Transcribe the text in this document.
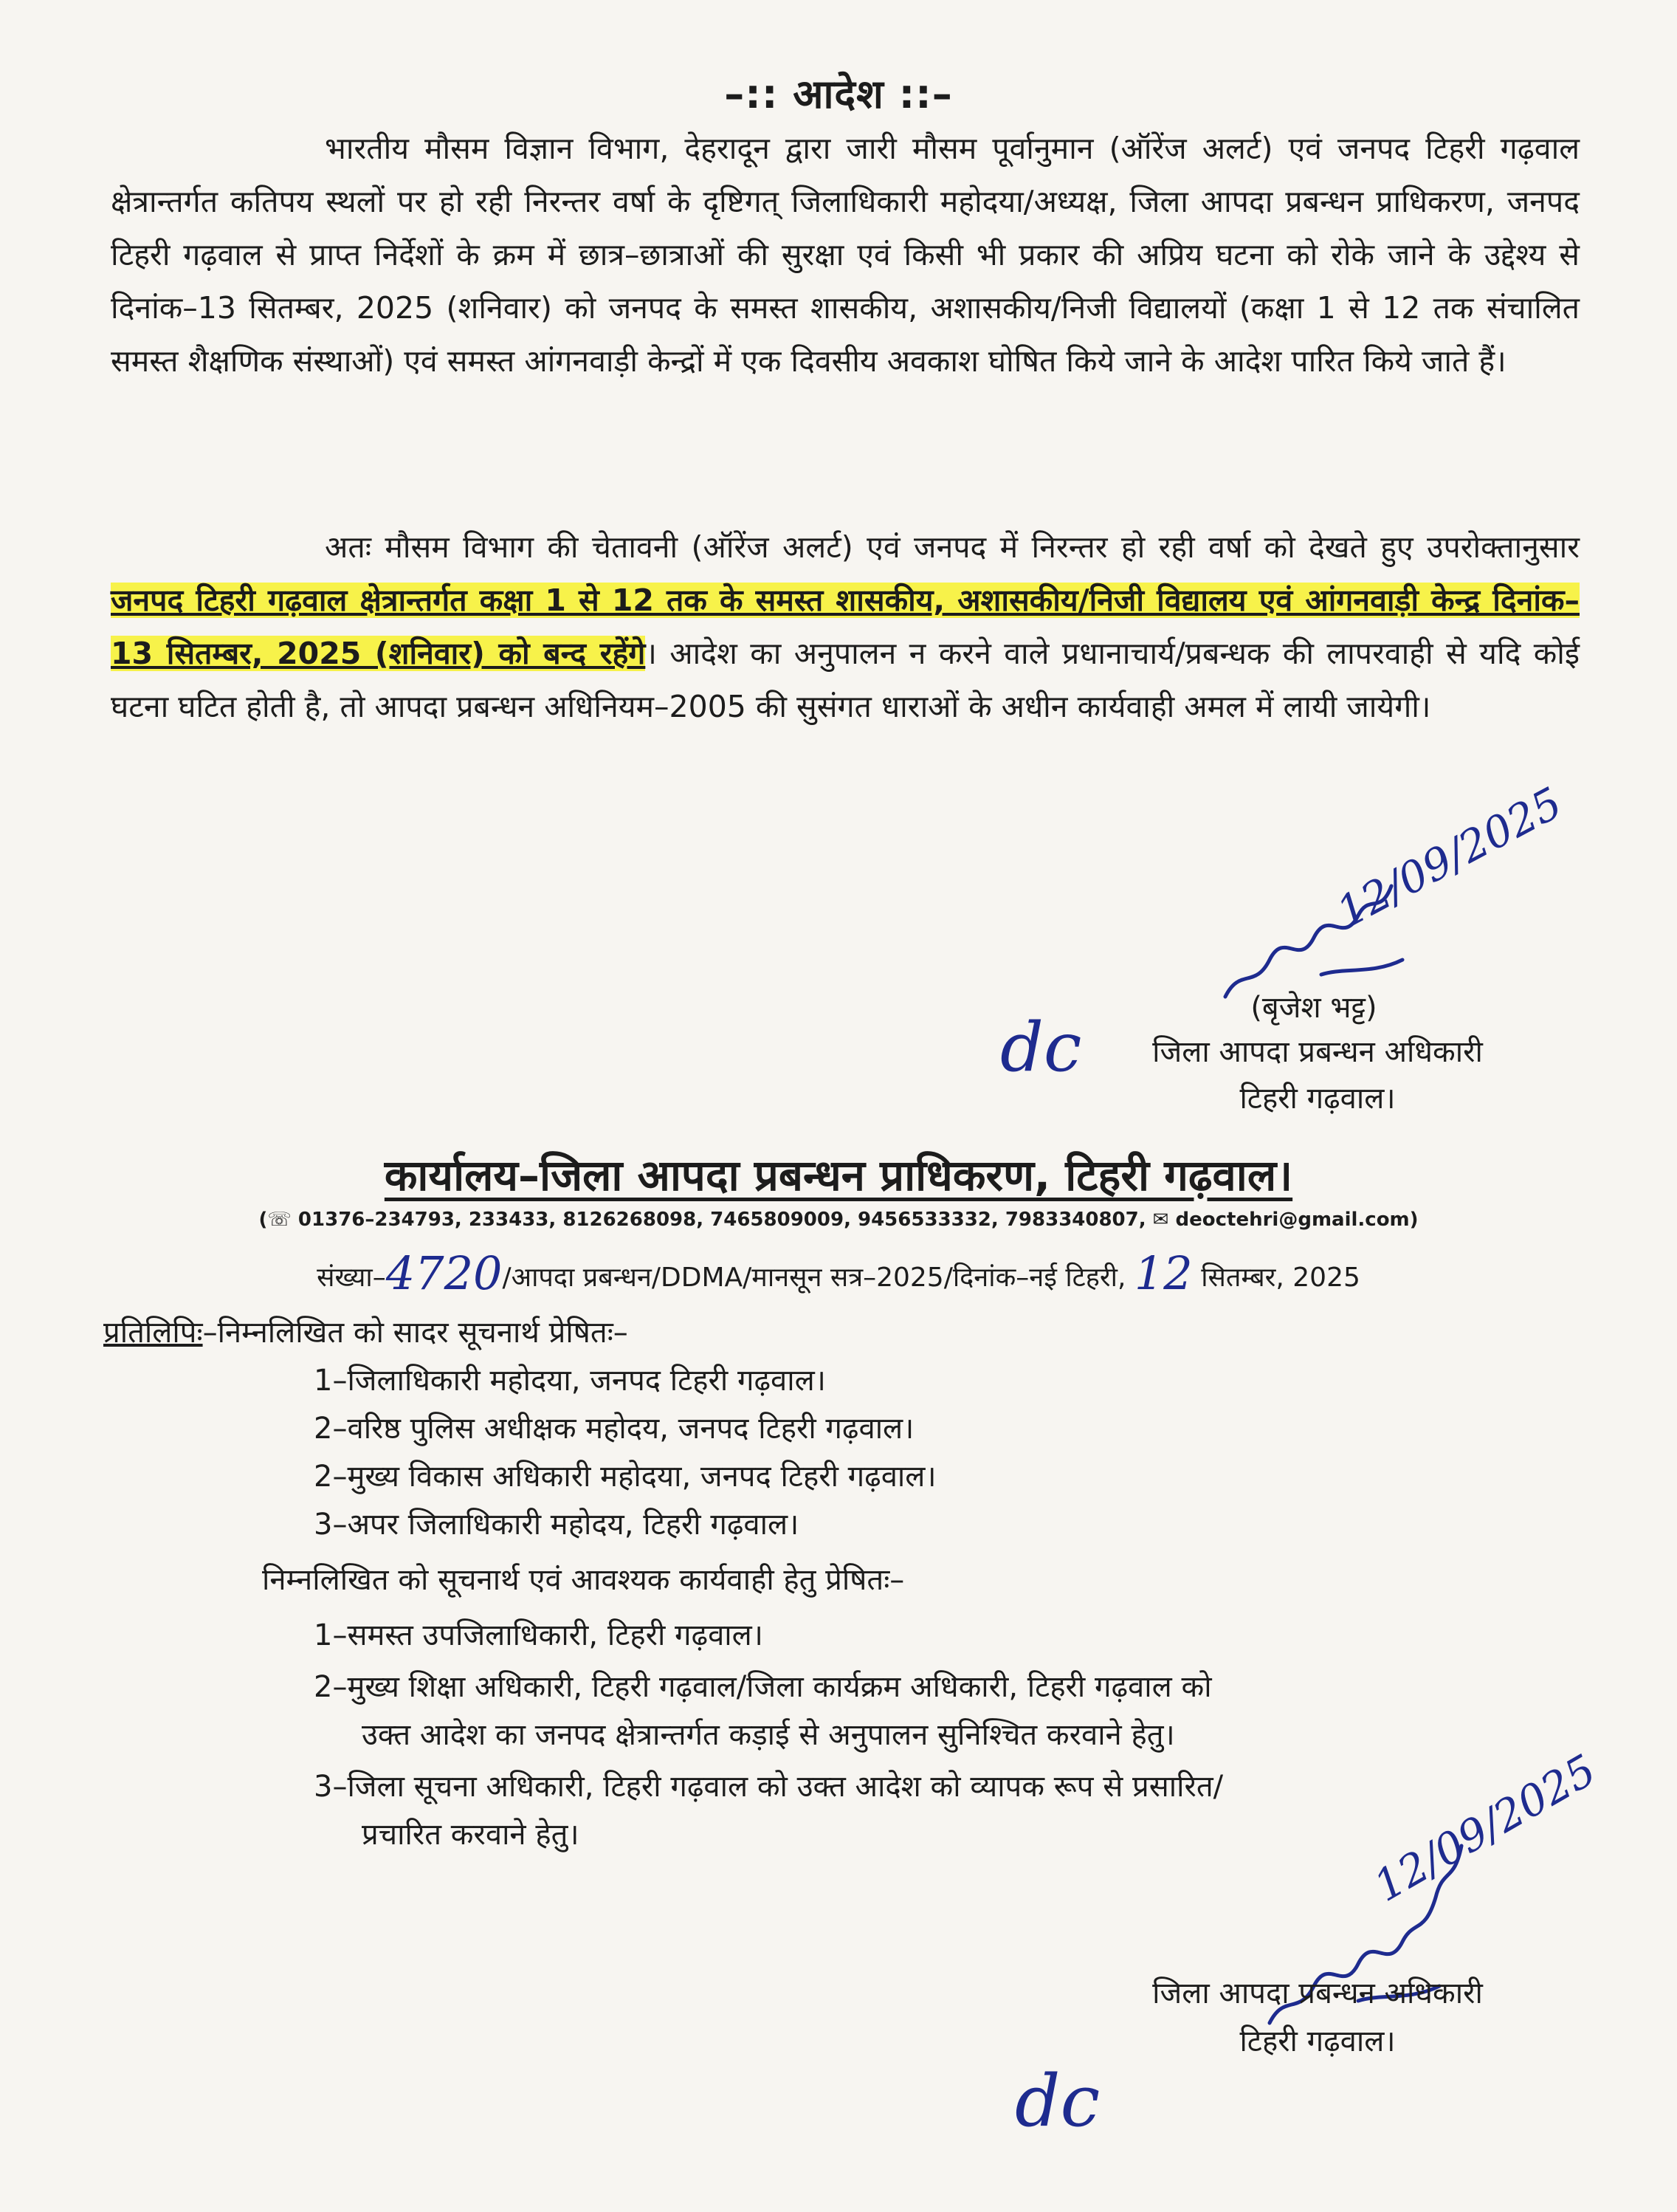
–:: आदेश ::–

भारतीय मौसम विज्ञान विभाग, देहरादून द्वारा जारी मौसम पूर्वानुमान (ऑरेंज अलर्ट) एवं जनपद टिहरी गढ़वाल क्षेत्रान्तर्गत कतिपय स्थलों पर हो रही निरन्तर वर्षा के दृष्टिगत् जिलाधिकारी महोदया/अध्यक्ष, जिला आपदा प्रबन्धन प्राधिकरण, जनपद टिहरी गढ़वाल से प्राप्त निर्देशों के क्रम में छात्र–छात्राओं की सुरक्षा एवं किसी भी प्रकार की अप्रिय घटना को रोके जाने के उद्देश्य से दिनांक–13 सितम्बर, 2025 (शनिवार) को जनपद के समस्त शासकीय, अशासकीय/निजी विद्यालयों (कक्षा 1 से 12 तक संचालित समस्त शैक्षणिक संस्थाओं) एवं समस्त आंगनवाड़ी केन्द्रों में एक दिवसीय अवकाश घोषित किये जाने के आदेश पारित किये जाते हैं।

अतः मौसम विभाग की चेतावनी (ऑरेंज अलर्ट) एवं जनपद में निरन्तर हो रही वर्षा को देखते हुए उपरोक्तानुसार जनपद टिहरी गढ़वाल क्षेत्रान्तर्गत कक्षा 1 से 12 तक के समस्त शासकीय, अशासकीय/निजी विद्यालय एवं आंगनवाड़ी केन्द्र दिनांक–13 सितम्बर, 2025 (शनिवार) को बन्द रहेंगे। आदेश का अनुपालन न करने वाले प्रधानाचार्य/प्रबन्धक की लापरवाही से यदि कोई घटना घटित होती है, तो आपदा प्रबन्धन अधिनियम–2005 की सुसंगत धाराओं के अधीन कार्यवाही अमल में लायी जायेगी।

12/09/2025
(बृजेश भट्ट)
dc	जिला आपदा प्रबन्धन अधिकारी
टिहरी गढ़वाल।
कार्यालय–जिला आपदा प्रबन्धन प्राधिकरण, टिहरी गढ़वाल।
(☏ 01376–234793, 233433, 8126268098, 7465809009, 9456533332, 7983340807, ✉ deoctehri@gmail.com)
संख्या–4720/आपदा प्रबन्धन/DDMA/मानसून सत्र–2025/दिनांक–नई टिहरी, 12 सितम्बर, 2025
प्रतिलिपिः–निम्नलिखित को सादर सूचनार्थ प्रेषितः–
1–जिलाधिकारी महोदया, जनपद टिहरी गढ़वाल।
2–वरिष्ठ पुलिस अधीक्षक महोदय, जनपद टिहरी गढ़वाल।
2–मुख्य विकास अधिकारी महोदया, जनपद टिहरी गढ़वाल।
3–अपर जिलाधिकारी महोदय, टिहरी गढ़वाल।
निम्नलिखित को सूचनार्थ एवं आवश्यक कार्यवाही हेतु प्रेषितः–
1–समस्त उपजिलाधिकारी, टिहरी गढ़वाल।
2–मुख्य शिक्षा अधिकारी, टिहरी गढ़वाल/जिला कार्यक्रम अधिकारी, टिहरी गढ़वाल को
उक्त आदेश का जनपद क्षेत्रान्तर्गत कड़ाई से अनुपालन सुनिश्चित करवाने हेतु।
3–जिला सूचना अधिकारी, टिहरी गढ़वाल को उक्त आदेश को व्यापक रूप से प्रसारित/
प्रचारित करवाने हेतु।	12/09/2025
जिला आपदा प्रबन्धन अधिकारी
टिहरी गढ़वाल।
dc
